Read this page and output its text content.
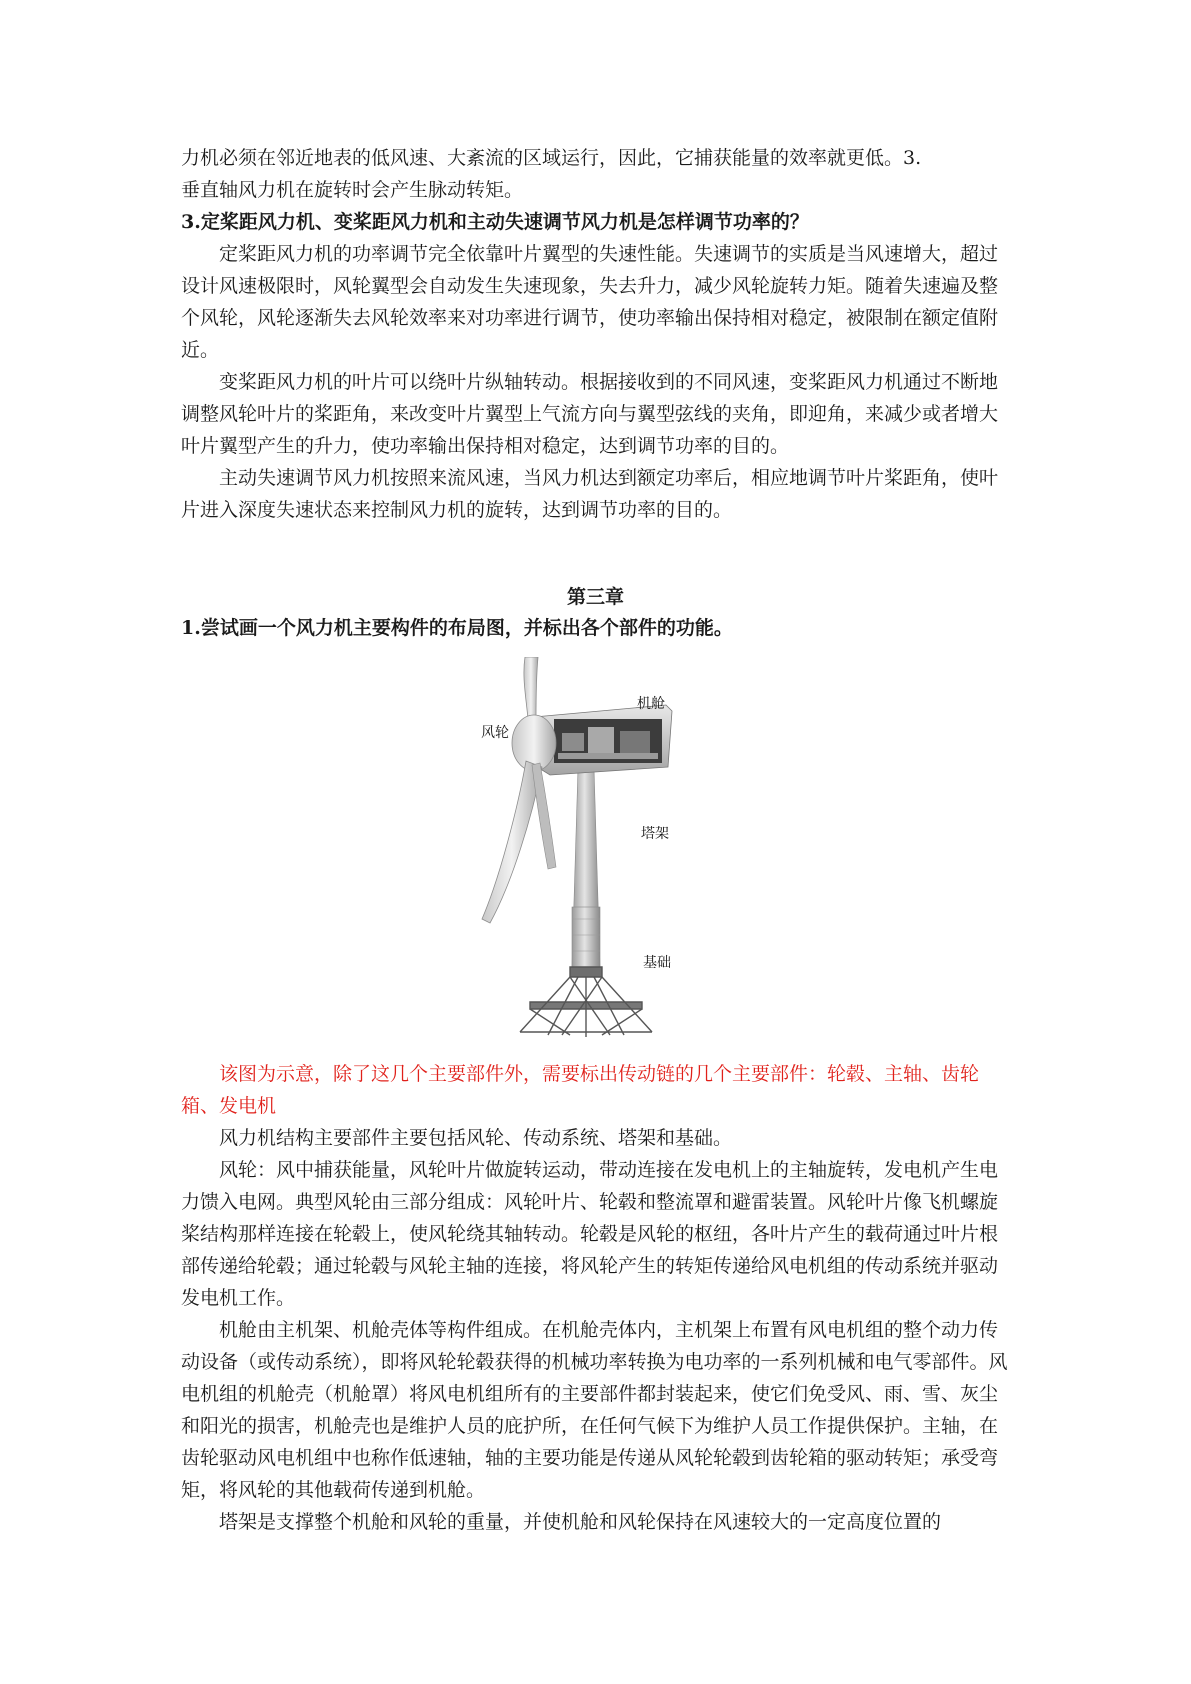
力机必须在邻近地表的低风速、大紊流的区域运行，因此，它捕获能量的效率就更低。3.

垂直轴风力机在旋转时会产生脉动转矩。

3.定桨距风力机、变桨距风力机和主动失速调节风力机是怎样调节功率的？

定桨距风力机的功率调节完全依靠叶片翼型的失速性能。失速调节的实质是当风速增大，超过设计风速极限时，风轮翼型会自动发生失速现象，失去升力，减少风轮旋转力矩。随着失速遍及整个风轮，风轮逐渐失去风轮效率来对功率进行调节，使功率输出保持相对稳定，被限制在额定值附近。

变桨距风力机的叶片可以绕叶片纵轴转动。根据接收到的不同风速，变桨距风力机通过不断地调整风轮叶片的桨距角，来改变叶片翼型上气流方向与翼型弦线的夹角，即迎角，来减少或者增大叶片翼型产生的升力，使功率输出保持相对稳定，达到调节功率的目的。

主动失速调节风力机按照来流风速，当风力机达到额定功率后，相应地调节叶片桨距角，使叶片进入深度失速状态来控制风力机的旋转，达到调节功率的目的。

第三章
1.尝试画一个风力机主要构件的布局图，并标出各个部件的功能。
风轮
机舱
塔架
基础

该图为示意，除了这几个主要部件外，需要标出传动链的几个主要部件：轮毂、主轴、齿轮箱、发电机

风力机结构主要部件主要包括风轮、传动系统、塔架和基础。

风轮：风中捕获能量，风轮叶片做旋转运动，带动连接在发电机上的主轴旋转，发电机产生电力馈入电网。典型风轮由三部分组成：风轮叶片、轮毂和整流罩和避雷装置。风轮叶片像飞机螺旋桨结构那样连接在轮毂上，使风轮绕其轴转动。轮毂是风轮的枢纽，各叶片产生的载荷通过叶片根部传递给轮毂；通过轮毂与风轮主轴的连接，将风轮产生的转矩传递给风电机组的传动系统并驱动发电机工作。

机舱由主机架、机舱壳体等构件组成。在机舱壳体内，主机架上布置有风电机组的整个动力传动设备（或传动系统），即将风轮轮毂获得的机械功率转换为电功率的一系列机械和电气零部件。风电机组的机舱壳（机舱罩）将风电机组所有的主要部件都封装起来，使它们免受风、雨、雪、灰尘和阳光的损害，机舱壳也是维护人员的庇护所，在任何气候下为维护人员工作提供保护。主轴，在齿轮驱动风电机组中也称作低速轴，轴的主要功能是传递从风轮轮毂到齿轮箱的驱动转矩；承受弯矩，将风轮的其他载荷传递到机舱。

塔架是支撑整个机舱和风轮的重量，并使机舱和风轮保持在风速较大的一定高度位置的
